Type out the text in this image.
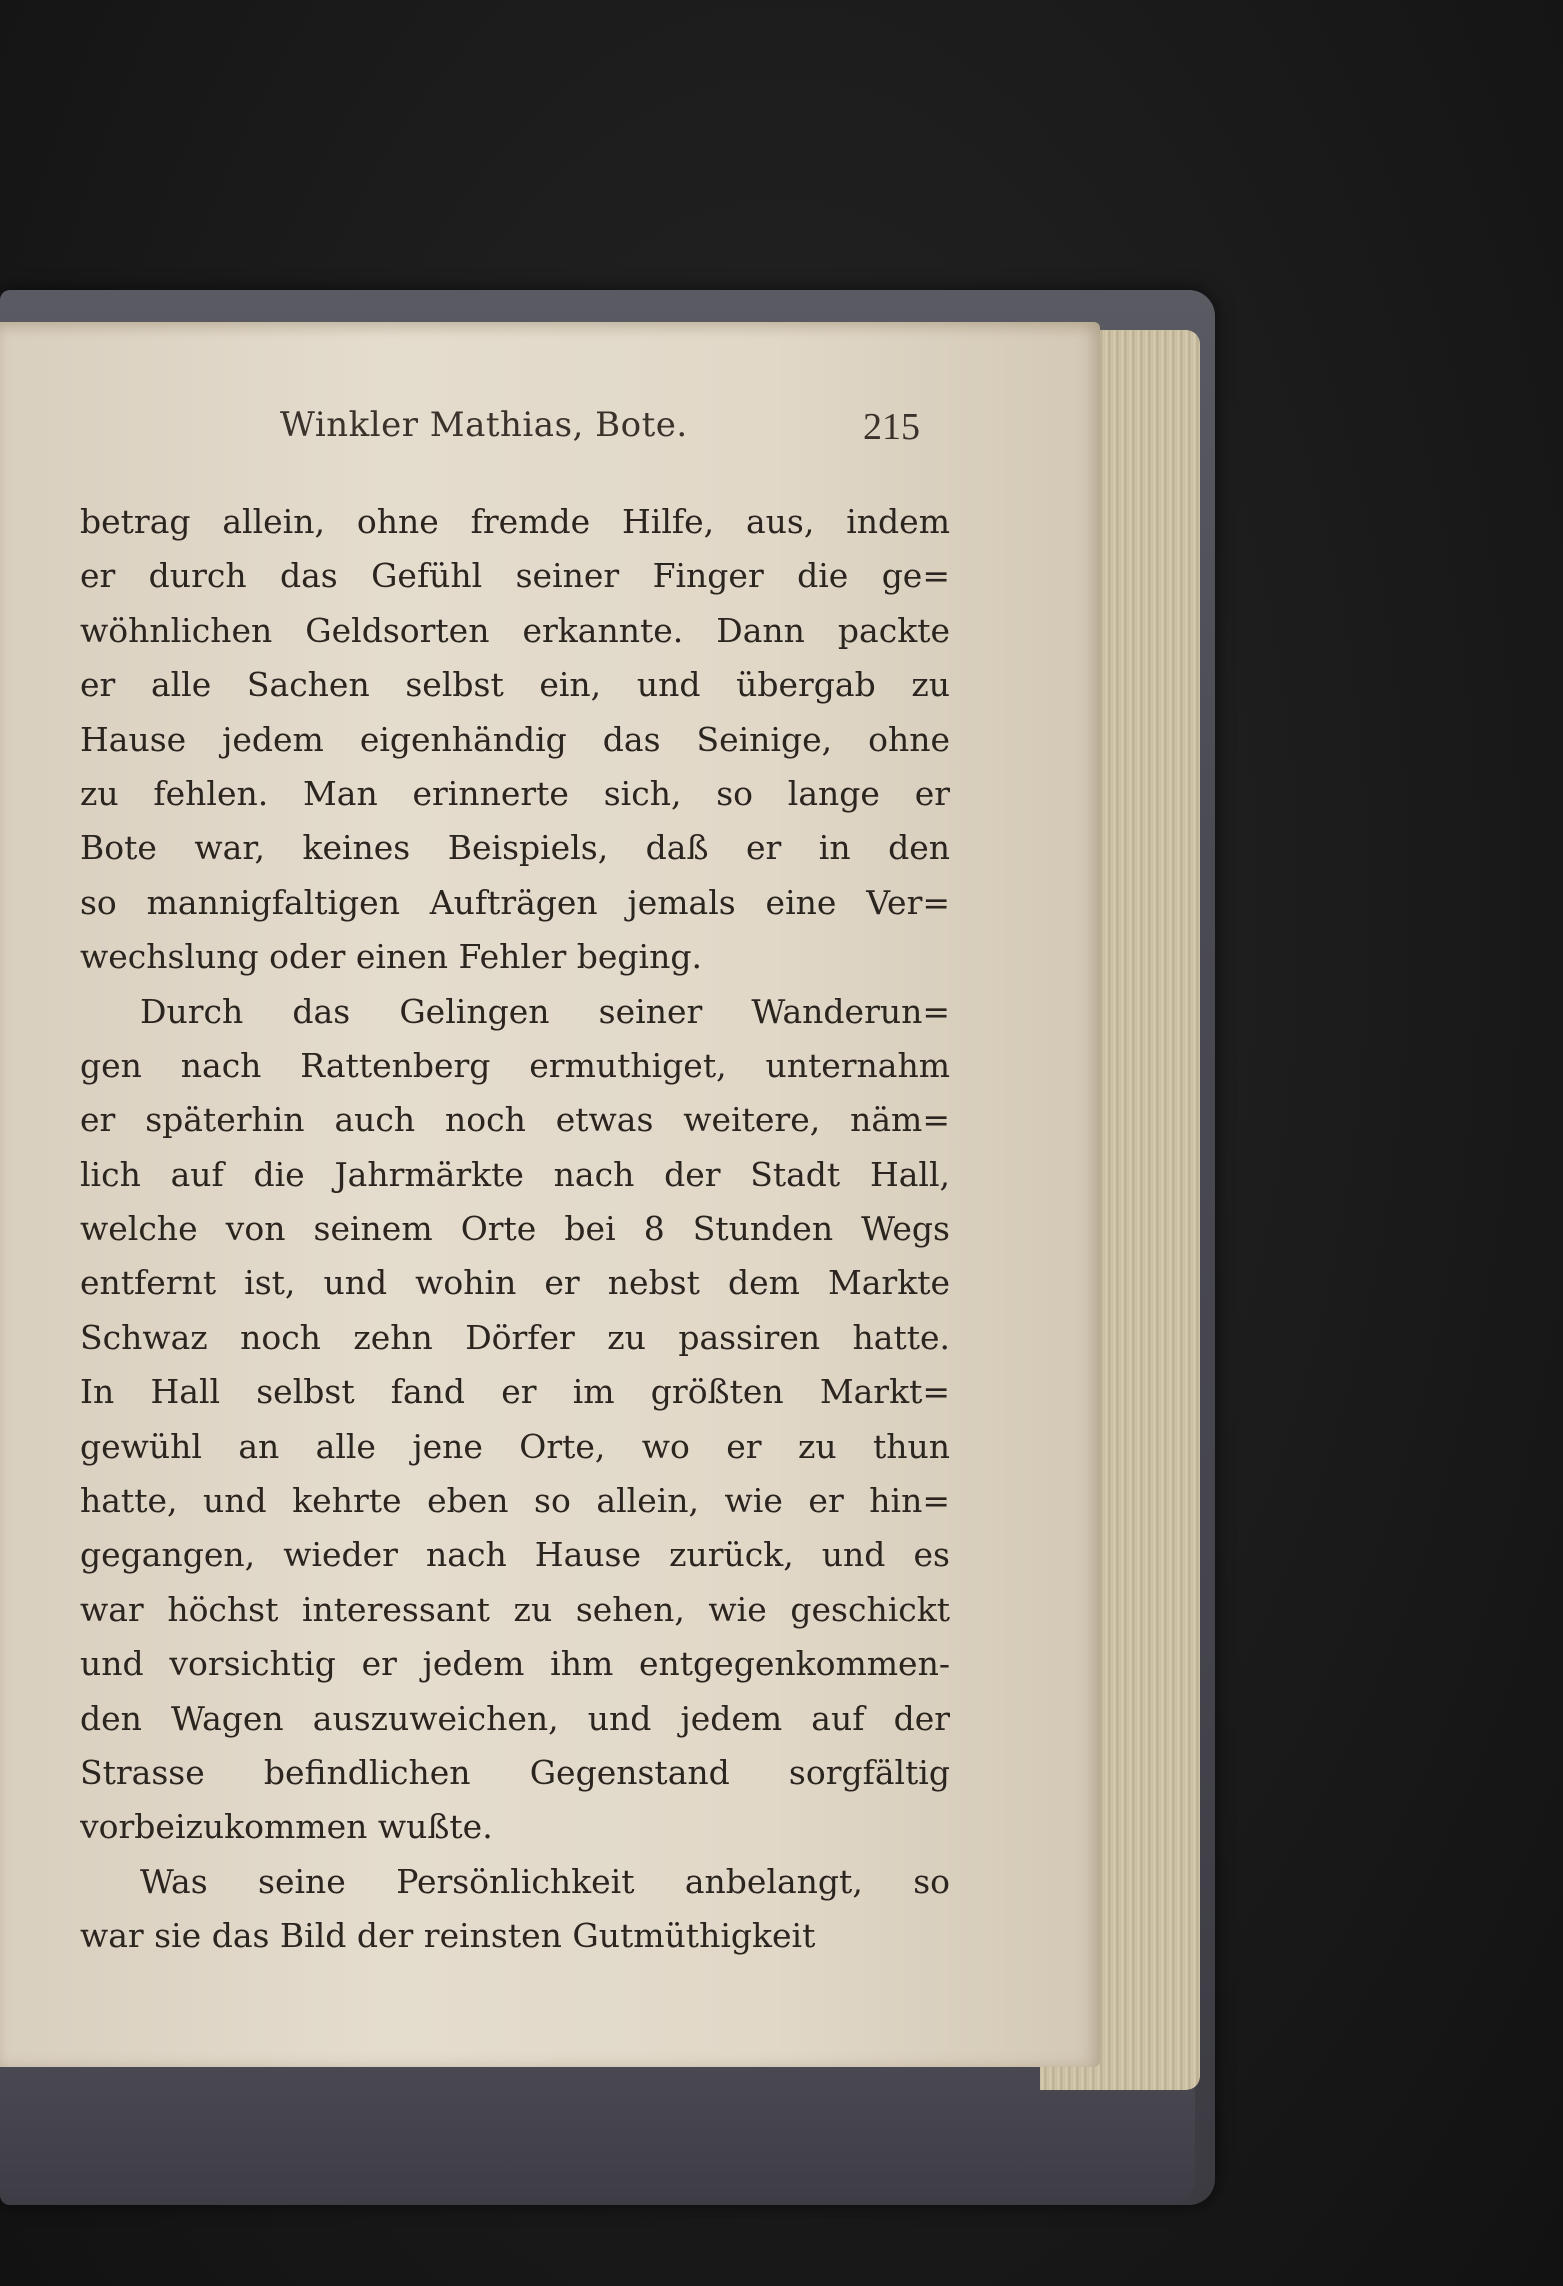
Winkler Mathias, Bote.	215
betrag allein, ohne fremde Hilfe, aus, indem
er durch das Gefühl seiner Finger die ge=
wöhnlichen Geldsorten erkannte. Dann packte
er alle Sachen selbst ein, und übergab zu
Hause jedem eigenhändig das Seinige, ohne
zu fehlen. Man erinnerte sich, so lange er
Bote war, keines Beispiels, daß er in den
so mannigfaltigen Aufträgen jemals eine Ver=
wechslung oder einen Fehler beging.
Durch das Gelingen seiner Wanderun=
gen nach Rattenberg ermuthiget, unternahm
er späterhin auch noch etwas weitere, näm=
lich auf die Jahrmärkte nach der Stadt Hall,
welche von seinem Orte bei 8 Stunden Wegs
entfernt ist, und wohin er nebst dem Markte
Schwaz noch zehn Dörfer zu passiren hatte.
In Hall selbst fand er im größten Markt=
gewühl an alle jene Orte, wo er zu thun
hatte, und kehrte eben so allein, wie er hin=
gegangen, wieder nach Hause zurück, und es
war höchst interessant zu sehen, wie geschickt
und vorsichtig er jedem ihm entgegenkommen-
den Wagen auszuweichen, und jedem auf der
Strasse befindlichen Gegenstand sorgfältig
vorbeizukommen wußte.
Was seine Persönlichkeit anbelangt, so
war sie das Bild der reinsten Gutmüthigkeit
